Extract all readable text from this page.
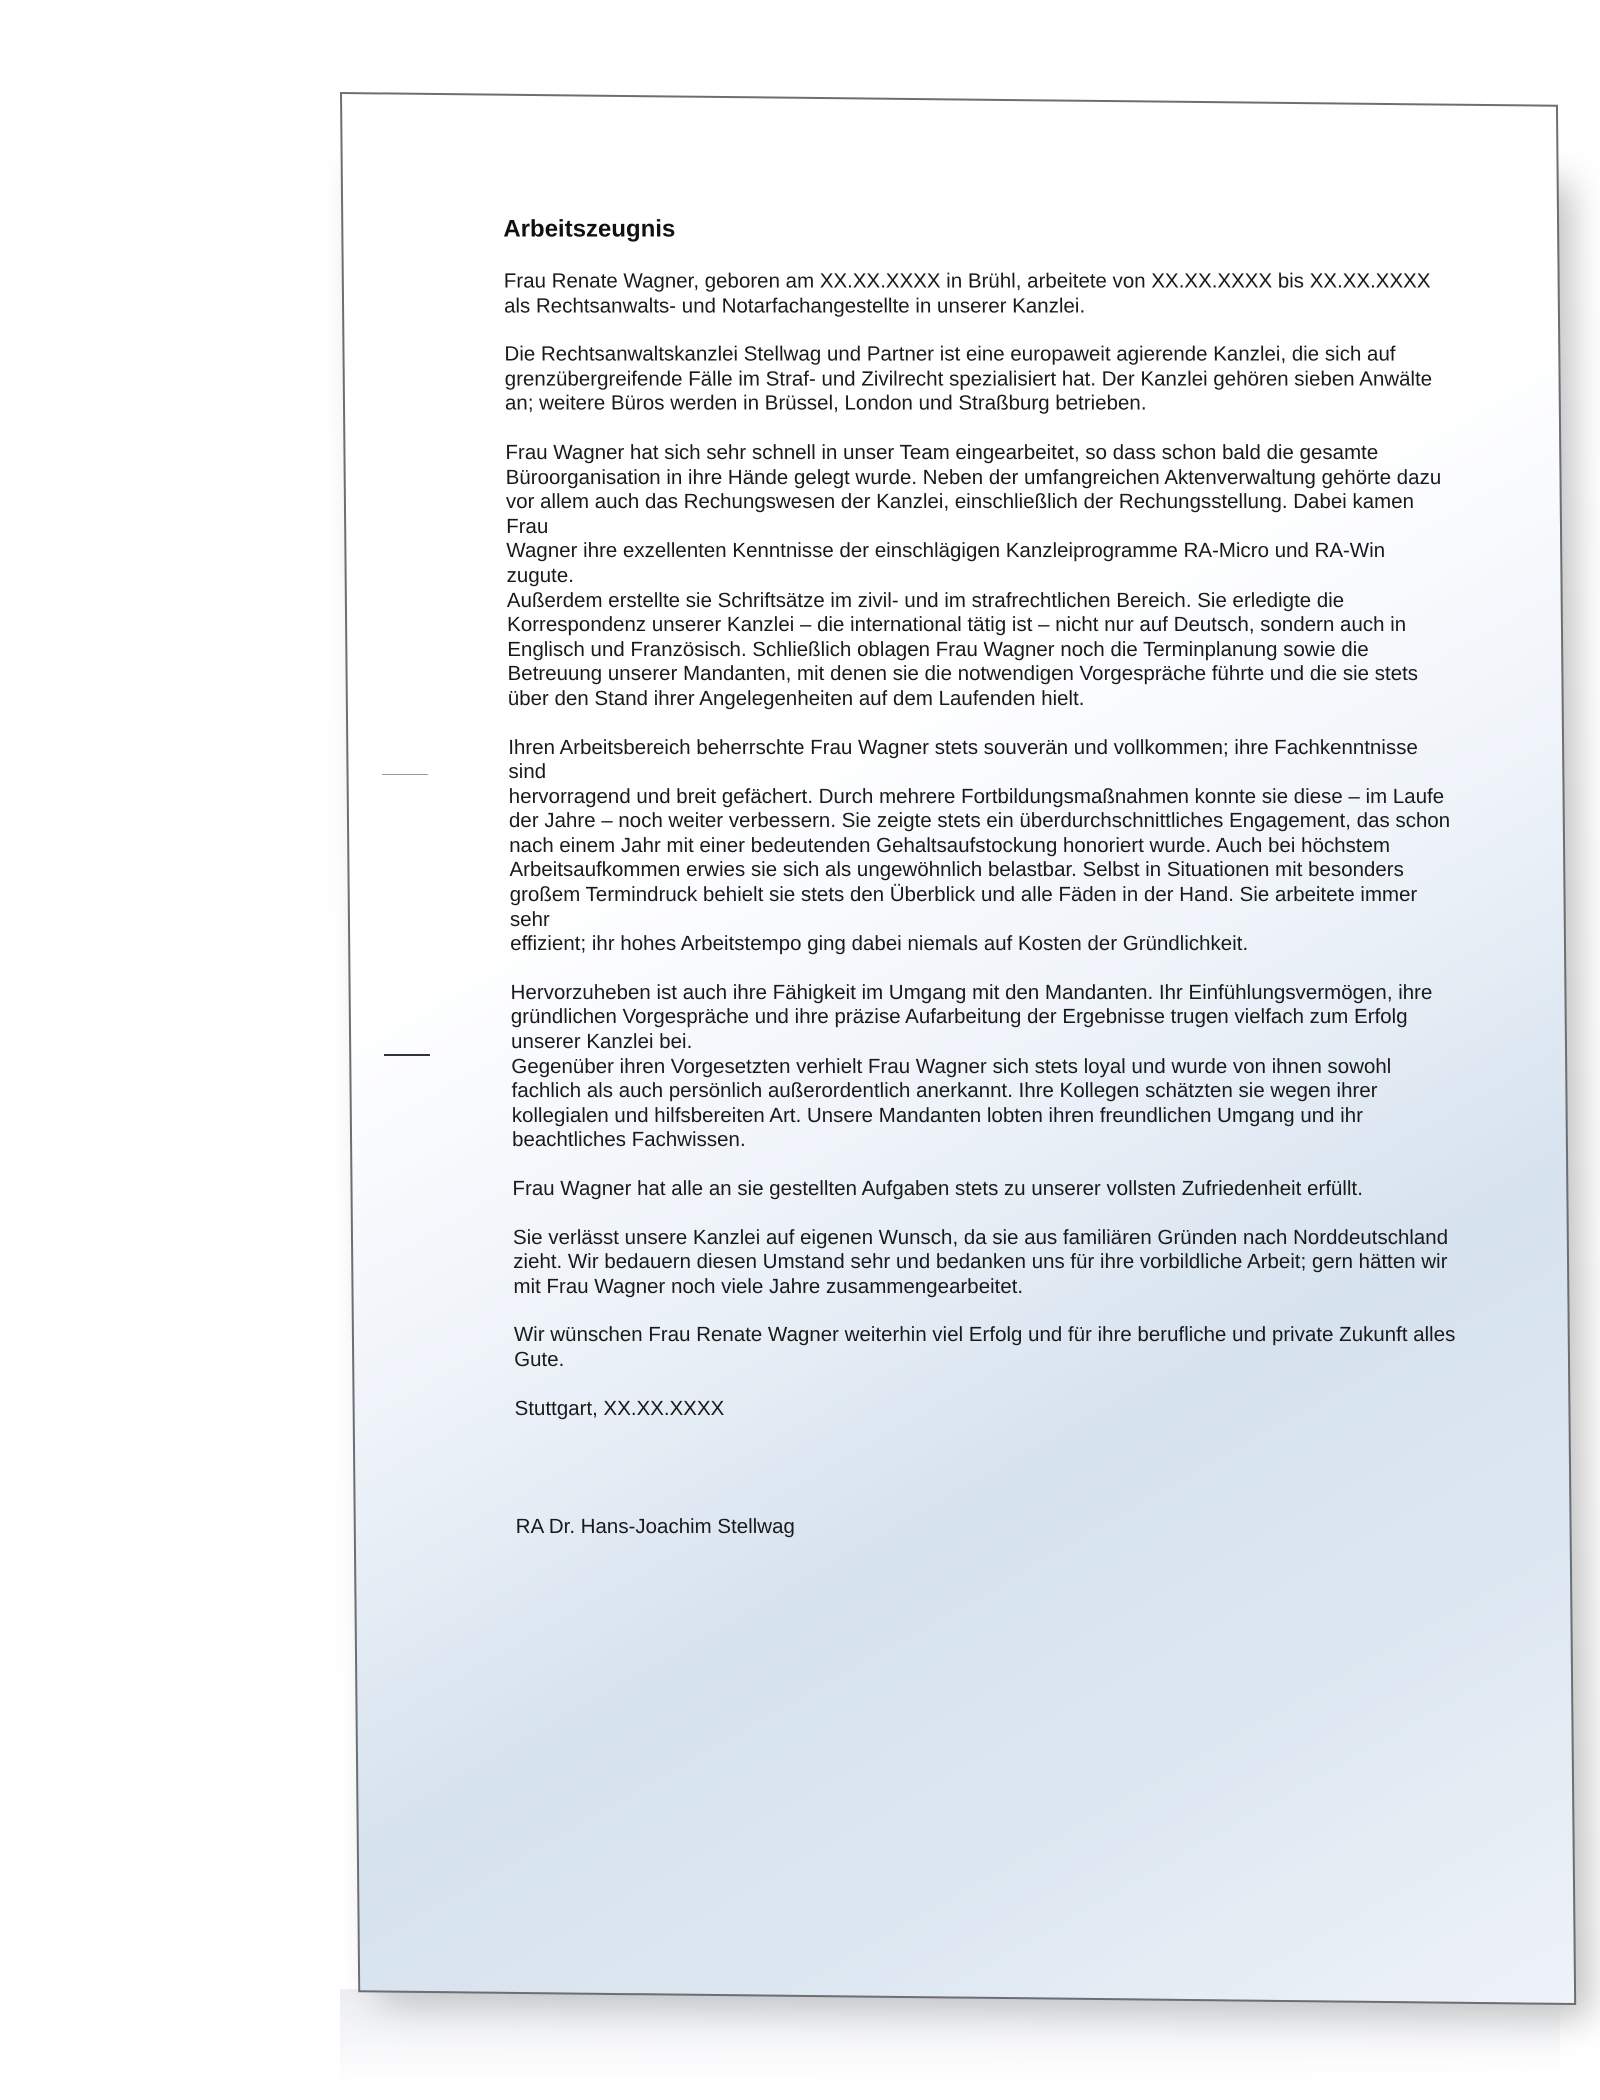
Arbeitszeugnis
Frau Renate Wagner, geboren am XX.XX.XXXX in Brühl, arbeitete von XX.XX.XXXX bis XX.XX.XXXX
als Rechtsanwalts- und Notarfachangestellte in unserer Kanzlei.
Die Rechtsanwaltskanzlei Stellwag und Partner ist eine europaweit agierende Kanzlei, die sich auf
grenzübergreifende Fälle im Straf- und Zivilrecht spezialisiert hat. Der Kanzlei gehören sieben Anwälte
an; weitere Büros werden in Brüssel, London und Straßburg betrieben.
Frau Wagner hat sich sehr schnell in unser Team eingearbeitet, so dass schon bald die gesamte
Büroorganisation in ihre Hände gelegt wurde. Neben der umfangreichen Aktenverwaltung gehörte dazu
vor allem auch das Rechungswesen der Kanzlei, einschließlich der Rechungsstellung. Dabei kamen Frau
Wagner ihre exzellenten Kenntnisse der einschlägigen Kanzleiprogramme RA-Micro und RA-Win zugute.
Außerdem erstellte sie Schriftsätze im zivil- und im strafrechtlichen Bereich. Sie erledigte die
Korrespondenz unserer Kanzlei – die international tätig ist – nicht nur auf Deutsch, sondern auch in
Englisch und Französisch. Schließlich oblagen Frau Wagner noch die Terminplanung sowie die
Betreuung unserer Mandanten, mit denen sie die notwendigen Vorgespräche führte und die sie stets
über den Stand ihrer Angelegenheiten auf dem Laufenden hielt.
Ihren Arbeitsbereich beherrschte Frau Wagner stets souverän und vollkommen; ihre Fachkenntnisse sind
hervorragend und breit gefächert. Durch mehrere Fortbildungsmaßnahmen konnte sie diese – im Laufe
der Jahre – noch weiter verbessern. Sie zeigte stets ein überdurchschnittliches Engagement, das schon
nach einem Jahr mit einer bedeutenden Gehaltsaufstockung honoriert wurde. Auch bei höchstem
Arbeitsaufkommen erwies sie sich als ungewöhnlich belastbar. Selbst in Situationen mit besonders
großem Termindruck behielt sie stets den Überblick und alle Fäden in der Hand. Sie arbeitete immer sehr
effizient; ihr hohes Arbeitstempo ging dabei niemals auf Kosten der Gründlichkeit.
Hervorzuheben ist auch ihre Fähigkeit im Umgang mit den Mandanten. Ihr Einfühlungsvermögen, ihre
gründlichen Vorgespräche und ihre präzise Aufarbeitung der Ergebnisse trugen vielfach zum Erfolg
unserer Kanzlei bei.
Gegenüber ihren Vorgesetzten verhielt Frau Wagner sich stets loyal und wurde von ihnen sowohl
fachlich als auch persönlich außerordentlich anerkannt. Ihre Kollegen schätzten sie wegen ihrer
kollegialen und hilfsbereiten Art. Unsere Mandanten lobten ihren freundlichen Umgang und ihr
beachtliches Fachwissen.
Frau Wagner hat alle an sie gestellten Aufgaben stets zu unserer vollsten Zufriedenheit erfüllt.
Sie verlässt unsere Kanzlei auf eigenen Wunsch, da sie aus familiären Gründen nach Norddeutschland
zieht. Wir bedauern diesen Umstand sehr und bedanken uns für ihre vorbildliche Arbeit; gern hätten wir
mit Frau Wagner noch viele Jahre zusammengearbeitet.
Wir wünschen Frau Renate Wagner weiterhin viel Erfolg und für ihre berufliche und private Zukunft alles
Gute.
Stuttgart, XX.XX.XXXX
RA Dr. Hans-Joachim Stellwag
